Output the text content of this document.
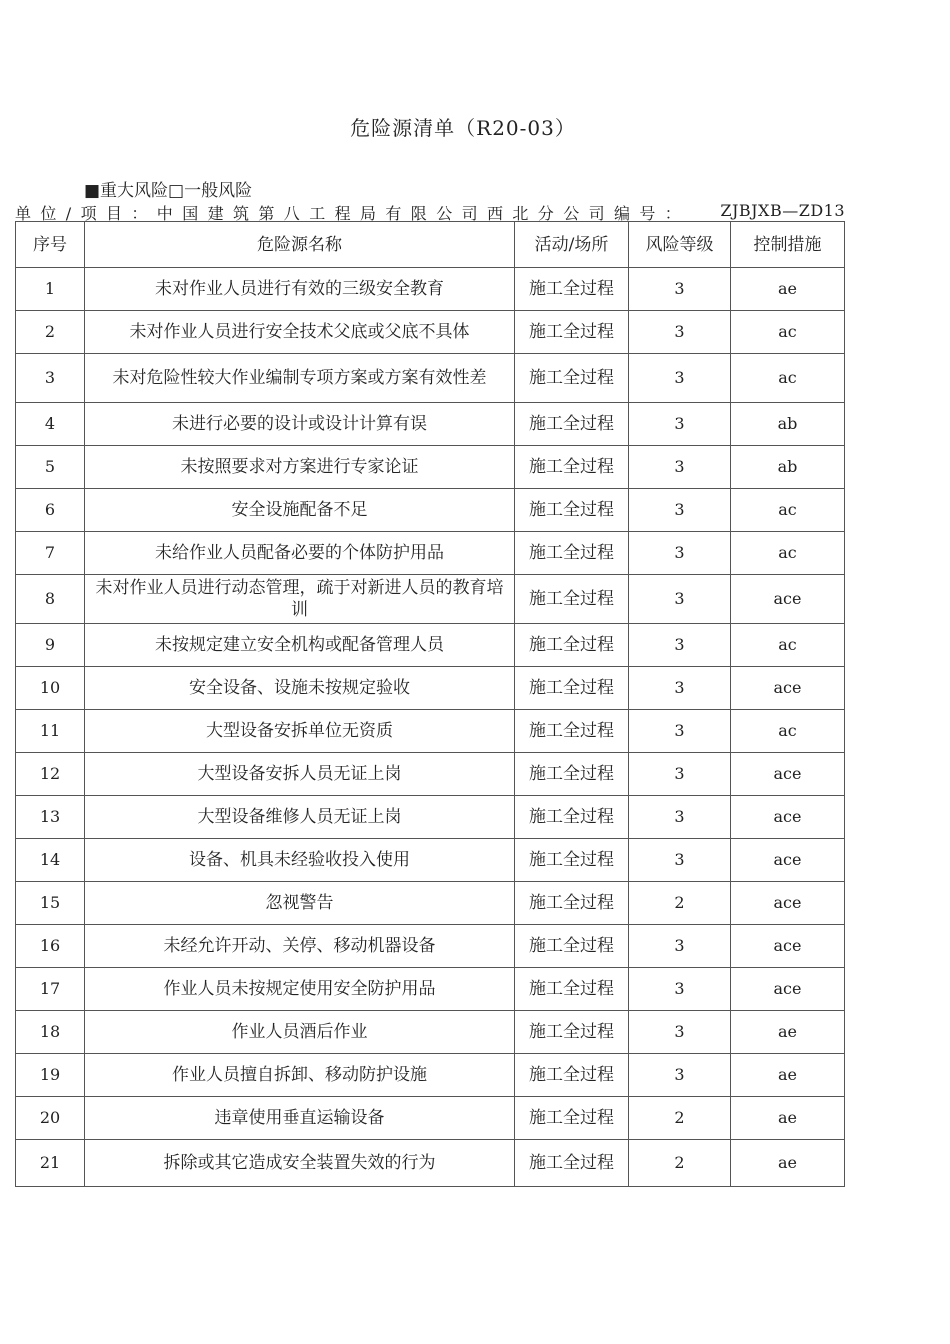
危险源清单（R20-03）
■重大风险□一般风险
单位/项目：中国建筑第八工程局有限公司西北分公司编号： ZJBJXB—ZD13
序号	危险源名称	活动/场所	风险等级	控制措施
1	未对作业人员进行有效的三级安全教育	施工全过程	3	ae
2	未对作业人员进行安全技术父底或父底不具体	施工全过程	3	ac
3	未对危险性较大作业编制专项方案或方案有效性差	施工全过程	3	ac
4	未进行必要的设计或设计计算有误	施工全过程	3	ab
5	未按照要求对方案进行专家论证	施工全过程	3	ab
6	安全设施配备不足	施工全过程	3	ac
7	未给作业人员配备必要的个体防护用品	施工全过程	3	ac
8	未对作业人员进行动态管理，疏于对新进人员的教育培训	施工全过程	3	ace
9	未按规定建立安全机构或配备管理人员	施工全过程	3	ac
10	安全设备、设施未按规定验收	施工全过程	3	ace
11	大型设备安拆单位无资质	施工全过程	3	ac
12	大型设备安拆人员无证上岗	施工全过程	3	ace
13	大型设备维修人员无证上岗	施工全过程	3	ace
14	设备、机具未经验收投入使用	施工全过程	3	ace
15	忽视警告	施工全过程	2	ace
16	未经允许开动、关停、移动机器设备	施工全过程	3	ace
17	作业人员未按规定使用安全防护用品	施工全过程	3	ace
18	作业人员酒后作业	施工全过程	3	ae
19	作业人员擅自拆卸、移动防护设施	施工全过程	3	ae
20	违章使用垂直运输设备	施工全过程	2	ae
21	拆除或其它造成安全装置失效的行为	施工全过程	2	ae
